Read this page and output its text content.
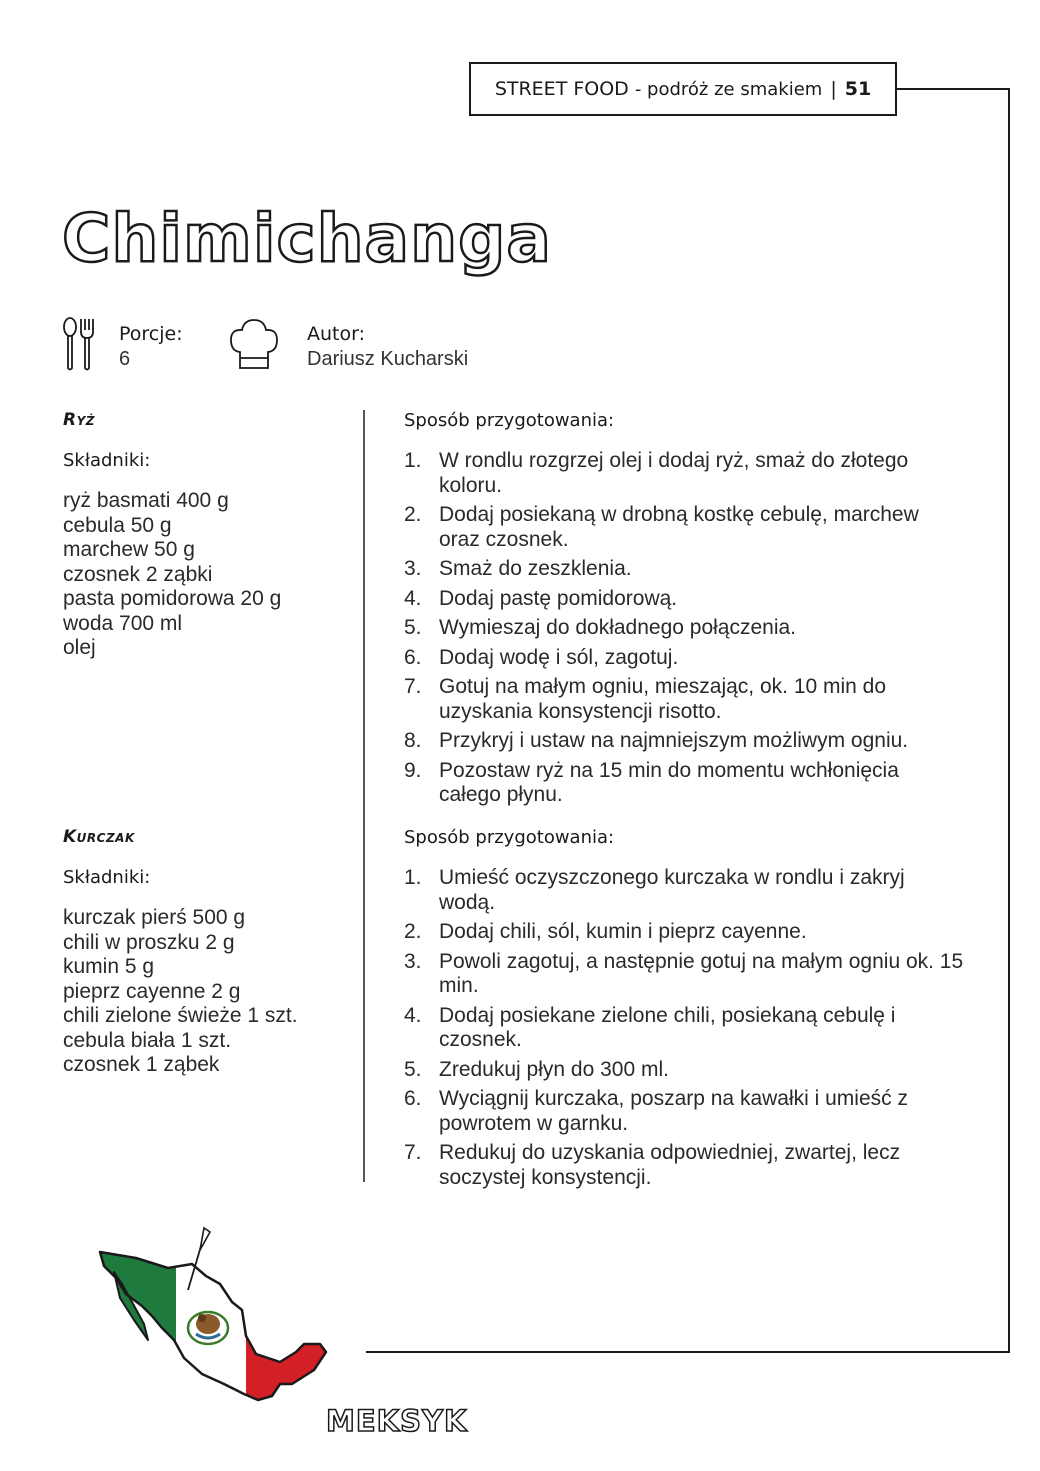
STREET FOOD - podróż ze smakiem | 51
Chimichanga
Porcje:
6
Autor:
Dariusz Kucharski
Ryż
Składniki:
ryż basmati 400 g
cebula 50 g
marchew 50 g
czosnek 2 ząbki
pasta pomidorowa 20 g
woda 700 ml
olej
Sposób przygotowania:
1. W rondlu rozgrzej olej i dodaj ryż, smaż do złotego koloru.
2. Dodaj posiekaną w drobną kostkę cebulę, marchew oraz czosnek.
3. Smaż do zeszklenia.
4. Dodaj pastę pomidorową.
5. Wymieszaj do dokładnego połączenia.
6. Dodaj wodę i sól, zagotuj.
7. Gotuj na małym ogniu, mieszając, ok. 10 min do uzyskania konsystencji risotto.
8. Przykryj i ustaw na najmniejszym możliwym ogniu.
9. Pozostaw ryż na 15 min do momentu wchłonięcia całego płynu.
Kurczak
Składniki:
kurczak pierś 500 g
chili w proszku 2 g
kumin 5 g
pieprz cayenne 2 g
chili zielone świeże 1 szt.
cebula biała 1 szt.
czosnek 1 ząbek
Sposób przygotowania:
1. Umieść oczyszczonego kurczaka w rondlu i zakryj wodą.
2. Dodaj chili, sól, kumin i pieprz cayenne.
3. Powoli zagotuj, a następnie gotuj na małym ogniu ok. 15 min.
4. Dodaj posiekane zielone chili, posiekaną cebulę i czosnek.
5. Zredukuj płyn do 300 ml.
6. Wyciągnij kurczaka, poszarp na kawałki i umieść z powrotem w garnku.
7. Redukuj do uzyskania odpowiedniej, zwartej, lecz soczystej konsystencji.
MEKSYK
